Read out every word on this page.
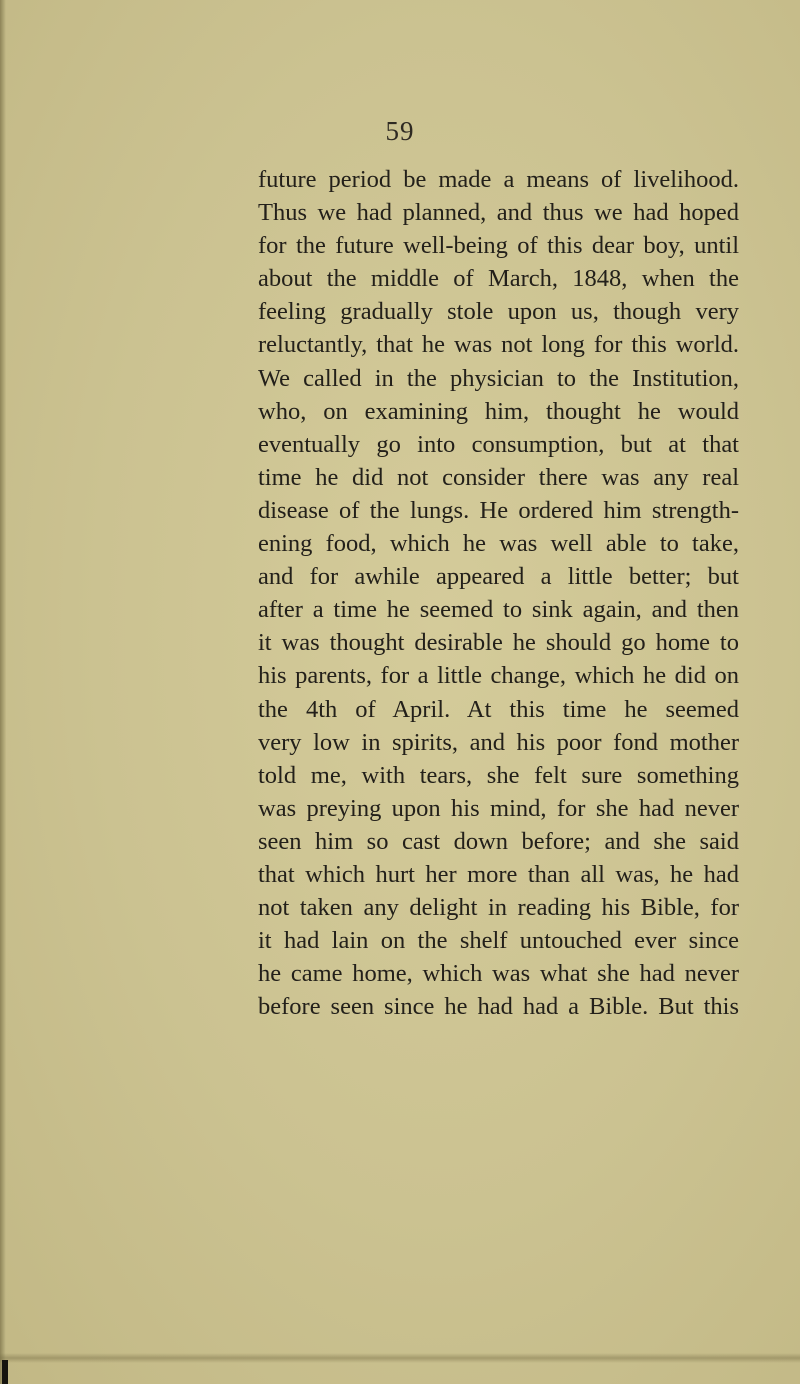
59
future period be made a means of livelihood.
Thus we had planned, and thus we had hoped
for the future well-being of this dear boy, until
about the middle of March, 1848, when the
feeling gradually stole upon us, though very
reluctantly, that he was not long for this world.
We called in the physician to the Institution,
who, on examining him, thought he would
eventually go into consumption, but at that
time he did not consider there was any real
disease of the lungs. He ordered him strength-
ening food, which he was well able to take,
and for awhile appeared a little better; but
after a time he seemed to sink again, and then
it was thought desirable he should go home to
his parents, for a little change, which he did on
the 4th of April. At this time he seemed
very low in spirits, and his poor fond mother
told me, with tears, she felt sure something
was preying upon his mind, for she had never
seen him so cast down before; and she said
that which hurt her more than all was, he had
not taken any delight in reading his Bible, for
it had lain on the shelf untouched ever since
he came home, which was what she had never
before seen since he had had a Bible. But this
